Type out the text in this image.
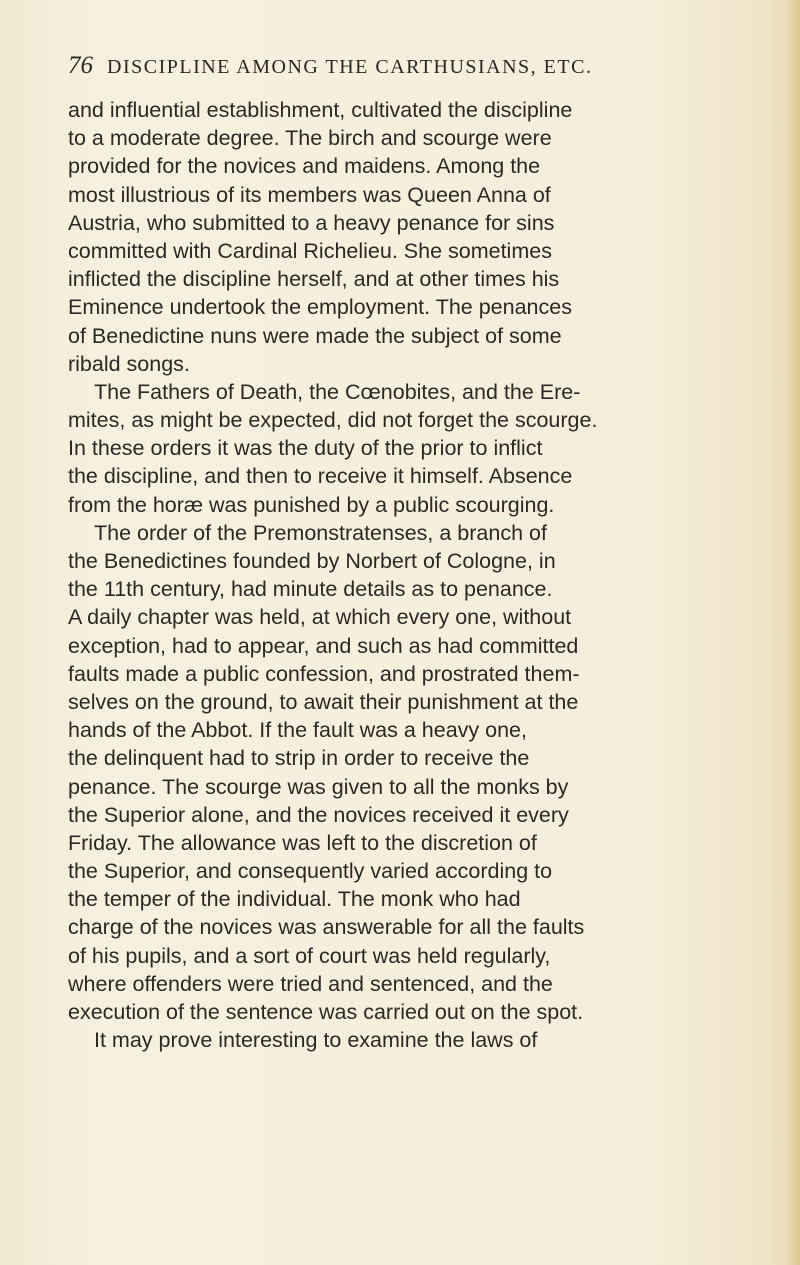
76 DISCIPLINE AMONG THE CARTHUSIANS, ETC.
and influential establishment, cultivated the discipline
to a moderate degree. The birch and scourge were
provided for the novices and maidens. Among the
most illustrious of its members was Queen Anna of
Austria, who submitted to a heavy penance for sins
committed with Cardinal Richelieu. She sometimes
inflicted the discipline herself, and at other times his
Eminence undertook the employment. The penances
of Benedictine nuns were made the subject of some
ribald songs.
The Fathers of Death, the Cœnobites, and the Ere-
mites, as might be expected, did not forget the scourge.
In these orders it was the duty of the prior to inflict
the discipline, and then to receive it himself. Absence
from the horæ was punished by a public scourging.
The order of the Premonstratenses, a branch of
the Benedictines founded by Norbert of Cologne, in
the 11th century, had minute details as to penance.
A daily chapter was held, at which every one, without
exception, had to appear, and such as had committed
faults made a public confession, and prostrated them-
selves on the ground, to await their punishment at the
hands of the Abbot. If the fault was a heavy one,
the delinquent had to strip in order to receive the
penance. The scourge was given to all the monks by
the Superior alone, and the novices received it every
Friday. The allowance was left to the discretion of
the Superior, and consequently varied according to
the temper of the individual. The monk who had
charge of the novices was answerable for all the faults
of his pupils, and a sort of court was held regularly,
where offenders were tried and sentenced, and the
execution of the sentence was carried out on the spot.
It may prove interesting to examine the laws of
